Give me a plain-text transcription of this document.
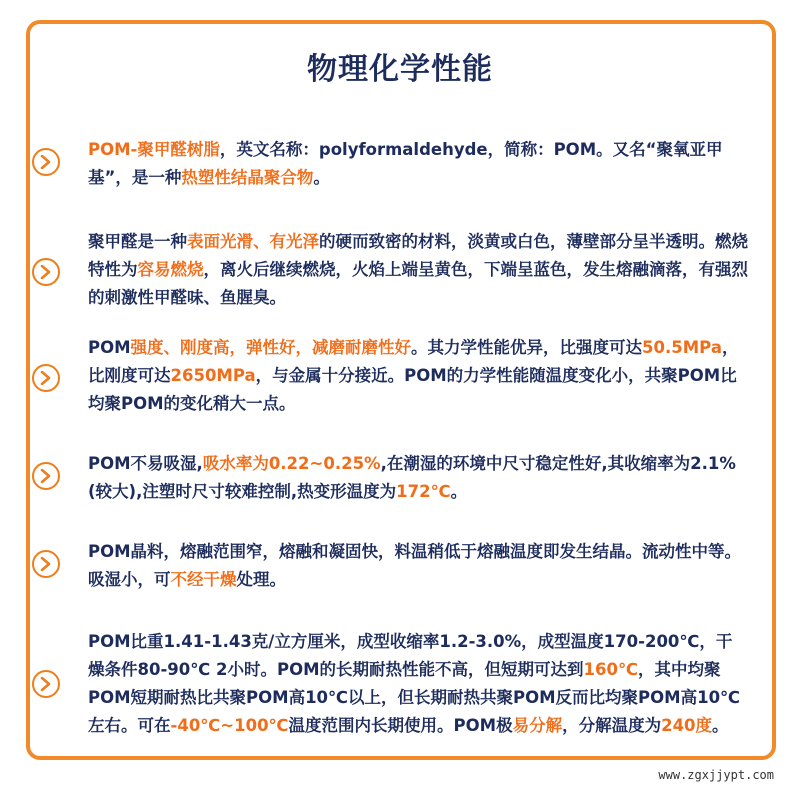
物理化学性能
POM-聚甲醛树脂，英文名称：polyformaldehyde，简称：POM。又名“聚氧亚甲基”，是一种热塑性结晶聚合物。
聚甲醛是一种表面光滑、有光泽的硬而致密的材料，淡黄或白色，薄壁部分呈半透明。燃烧特性为容易燃烧，离火后继续燃烧，火焰上端呈黄色，下端呈蓝色，发生熔融滴落，有强烈的刺激性甲醛味、鱼腥臭。
POM强度、刚度高，弹性好，减磨耐磨性好。其力学性能优异，比强度可达50.5MPa，比刚度可达2650MPa，与金属十分接近。POM的力学性能随温度变化小，共聚POM比均聚POM的变化稍大一点。
POM不易吸湿,吸水率为0.22~0.25%,在潮湿的环境中尺寸稳定性好,其收缩率为2.1%(较大),注塑时尺寸较难控制,热变形温度为172℃。
POM晶料，熔融范围窄，熔融和凝固快，料温稍低于熔融温度即发生结晶。流动性中等。吸湿小，可不经干燥处理。
POM比重1.41-1.43克/立方厘米，成型收缩率1.2-3.0%，成型温度170-200℃，干燥条件80-90℃ 2小时。POM的长期耐热性能不高，但短期可达到160℃，其中均聚POM短期耐热比共聚POM高10℃以上，但长期耐热共聚POM反而比均聚POM高10℃左右。可在-40℃~100℃温度范围内长期使用。POM极易分解，分解温度为240度。
www.zgxjjypt.com
